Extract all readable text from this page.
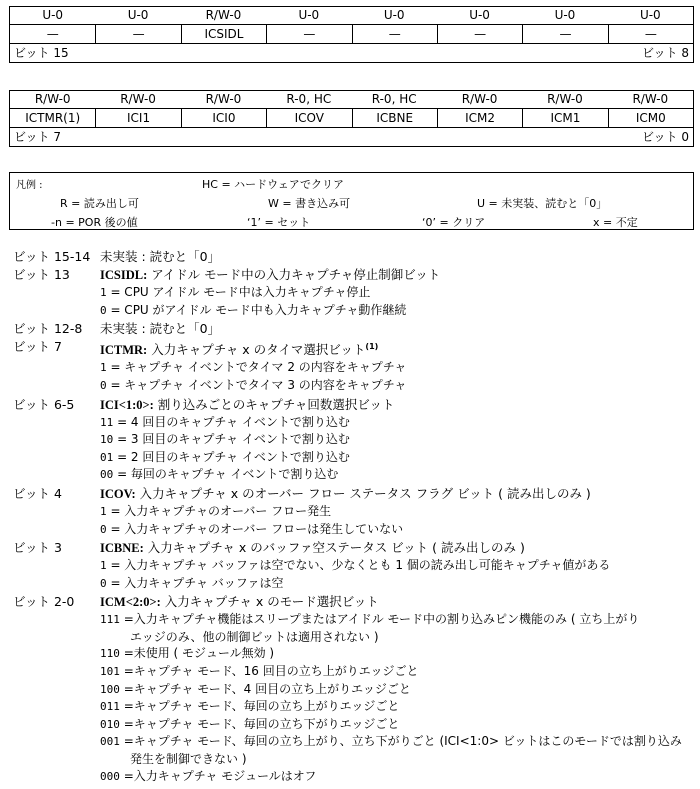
U-0	U-0	R/W-0	U-0	U-0	U-0	U-0	U-0
—	—	ICSIDL	—	—	—	—	—
ビット 15	ビット 8
R/W-0	R/W-0	R/W-0	R-0, HC	R-0, HC	R/W-0	R/W-0	R/W-0
ICTMR(1)	ICI1	ICI0	ICOV	ICBNE	ICM2	ICM1	ICM0
ビット 7	ビット 0
凡例 :	HC = ハードウェアでクリア
R = 読み出し可	W = 書き込み可	U = 未実装、読むと「0」
-n = POR 後の値	‘1’ = セット	‘0’ = クリア	x = 不定
ビット 15-14 未実装 : 読むと「0」
ビット 13 ICSIDL: アイドル モード中の入力キャプチャ停止制御ビット
1 = CPU アイドル モード中は入力キャプチャ停止
0 = CPU がアイドル モード中も入力キャプチャ動作継続
ビット 12-8 未実装 : 読むと「0」
ビット 7	ICTMR: 入力キャプチャ x のタイマ選択ビット$^{(1)}$
1 = キャプチャ イベントでタイマ 2 の内容をキャプチャ
0 = キャプチャ イベントでタイマ 3 の内容をキャプチャ
ビット 6-5 ICI<1:0>: 割り込みごとのキャプチャ回数選択ビット
11 = 4 回目のキャプチャ イベントで割り込む
10 = 3 回目のキャプチャ イベントで割り込む
01 = 2 回目のキャプチャ イベントで割り込む
00 = 毎回のキャプチャ イベントで割り込む
ビット 4	ICOV: 入力キャプチャ x のオーバー フロー ステータス フラグ ビット ( 読み出しのみ )
1 = 入力キャプチャのオーバー フロー発生
0 = 入力キャプチャのオーバー フローは発生していない
ビット 3	ICBNE: 入力キャプチャ x のバッファ空ステータス ビット ( 読み出しのみ )
1 = 入力キャプチャ バッファは空でない、少なくとも 1 個の読み出し可能キャプチャ値がある
0 = 入力キャプチャ バッファは空
ビット 2-0 ICM<2:0>: 入力キャプチャ x のモード選択ビット
111 =入力キャプチャ機能はスリープまたはアイドル モード中の割り込みピン機能のみ ( 立ち上がり
エッジのみ、他の制御ビットは適用されない )
110 =未使用 ( モジュール無効 )
101 =キャプチャ モード、16 回目の立ち上がりエッジごと
100 =キャプチャ モード、4 回目の立ち上がりエッジごと
011 =キャプチャ モード、毎回の立ち上がりエッジごと
010 =キャプチャ モード、毎回の立ち下がりエッジごと
001 =キャプチャ モード、毎回の立ち上がり、立ち下がりごと (ICI<1:0> ビットはこのモードでは割り込み
発生を制御できない )
000 =入力キャプチャ モジュールはオフ
